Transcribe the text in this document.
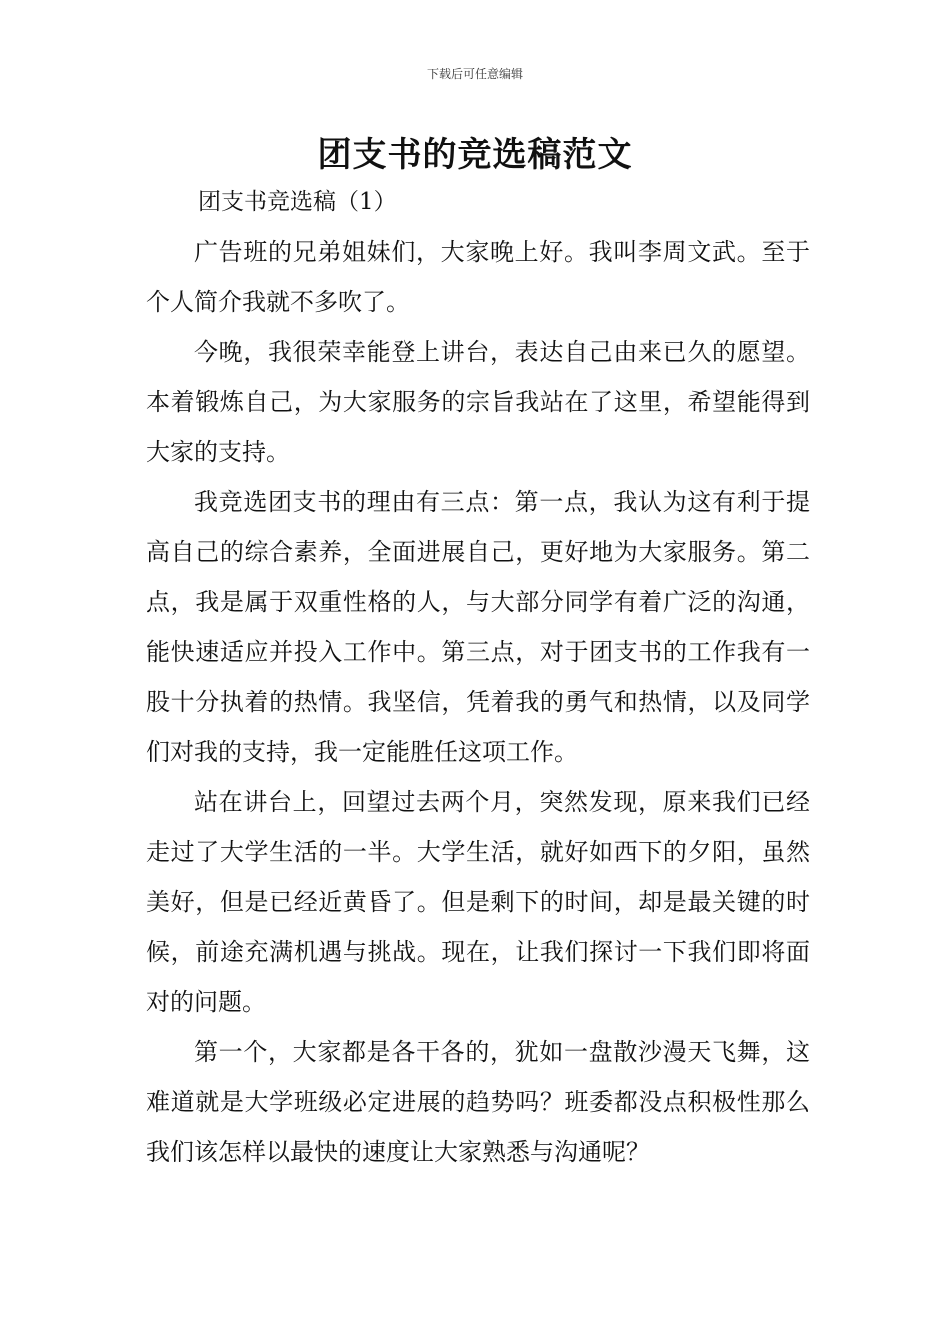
下载后可任意编辑
团支书的竞选稿范文

团支书竞选稿（1）

广告班的兄弟姐妹们，大家晚上好。我叫李周文武。至于个人简介我就不多吹了。

今晚，我很荣幸能登上讲台，表达自己由来已久的愿望。本着锻炼自己，为大家服务的宗旨我站在了这里，希望能得到大家的支持。

我竞选团支书的理由有三点：第一点，我认为这有利于提高自己的综合素养，全面进展自己，更好地为大家服务。第二点，我是属于双重性格的人，与大部分同学有着广泛的沟通，能快速适应并投入工作中。第三点，对于团支书的工作我有一股十分执着的热情。我坚信，凭着我的勇气和热情，以及同学们对我的支持，我一定能胜任这项工作。

站在讲台上，回望过去两个月，突然发现，原来我们已经走过了大学生活的一半。大学生活，就好如西下的夕阳，虽然美好，但是已经近黄昏了。但是剩下的时间，却是最关键的时候，前途充满机遇与挑战。现在，让我们探讨一下我们即将面对的问题。

第一个，大家都是各干各的，犹如一盘散沙漫天飞舞，这难道就是大学班级必定进展的趋势吗？班委都没点积极性那么我们该怎样以最快的速度让大家熟悉与沟通呢？
